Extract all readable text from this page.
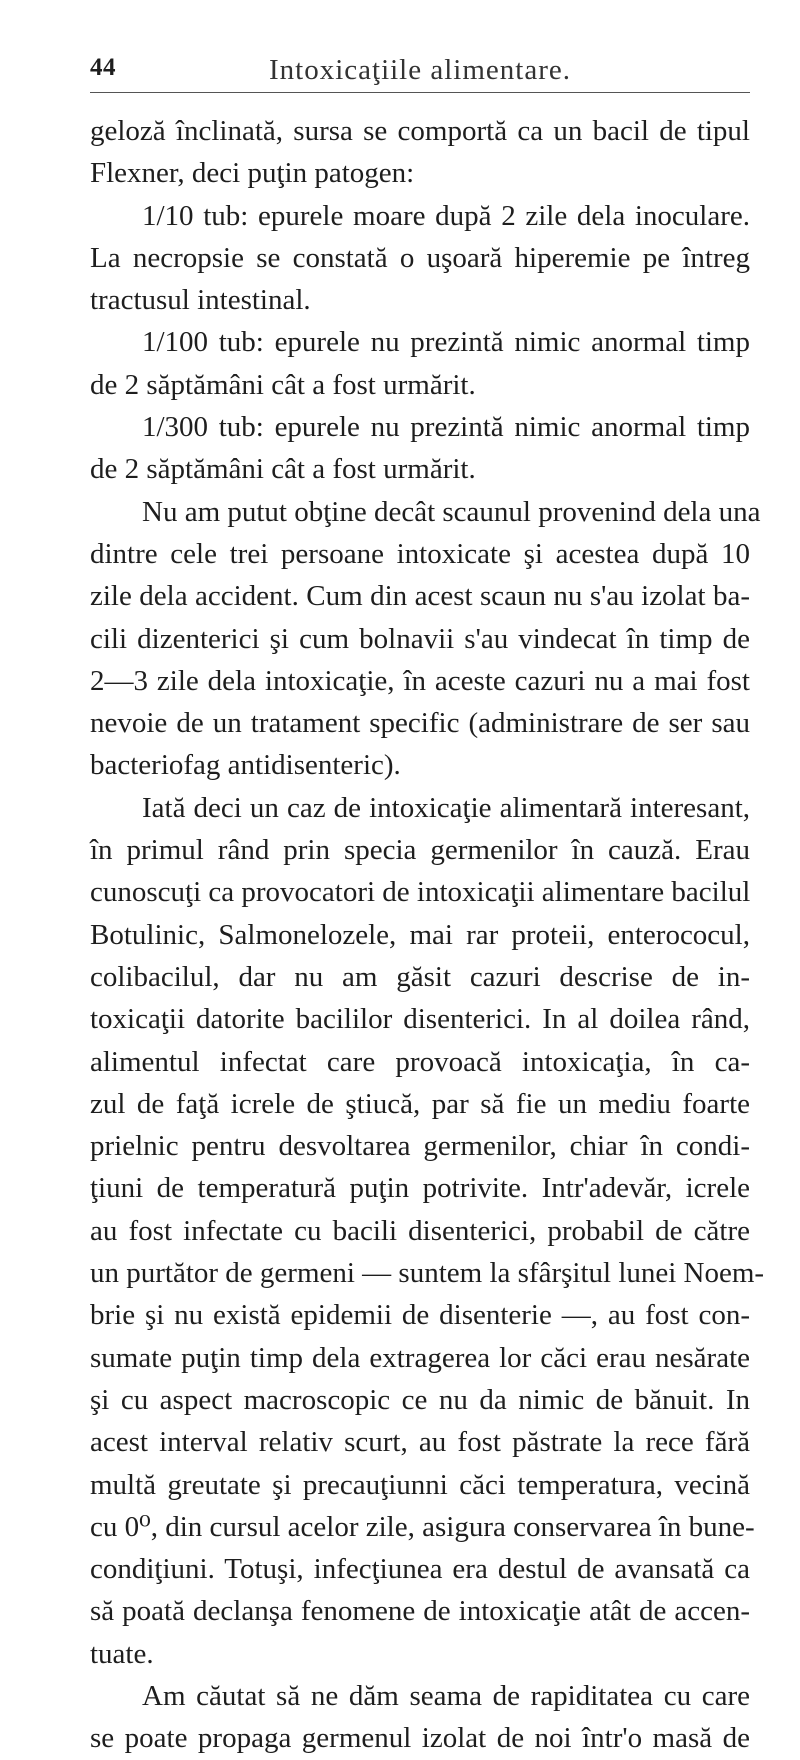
44	Intoxicaţiile alimentare.
geloză înclinată, sursa se comportă ca un bacil de tipul
Flexner, deci puţin patogen:
1/10 tub: epurele moare după 2 zile dela inoculare.
La necropsie se constată o uşoară hiperemie pe întreg
tractusul intestinal.
1/100 tub: epurele nu prezintă nimic anormal timp
de 2 săptămâni cât a fost urmărit.
1/300 tub: epurele nu prezintă nimic anormal timp
de 2 săptămâni cât a fost urmărit.
Nu am putut obţine decât scaunul provenind dela una
dintre cele trei persoane intoxicate şi acestea după 10
zile dela accident. Cum din acest scaun nu s'au izolat ba-
cili dizenterici şi cum bolnavii s'au vindecat în timp de
2—3 zile dela intoxicaţie, în aceste cazuri nu a mai fost
nevoie de un tratament specific (administrare de ser sau
bacteriofag antidisenteric).
Iată deci un caz de intoxicaţie alimentară interesant,
în primul rând prin specia germenilor în cauză. Erau
cunoscuţi ca provocatori de intoxicaţii alimentare bacilul
Botulinic, Salmonelozele, mai rar proteii, enterococul,
colibacilul, dar nu am găsit cazuri descrise de in-
toxicaţii datorite bacililor disenterici. In al doilea rând,
alimentul infectat care provoacă intoxicaţia, în ca-
zul de faţă icrele de ştiucă, par să fie un mediu foarte
prielnic pentru desvoltarea germenilor, chiar în condi-
ţiuni de temperatură puţin potrivite. Intr'adevăr, icrele
au fost infectate cu bacili disenterici, probabil de către
un purtător de germeni — suntem la sfârşitul lunei Noem-
brie şi nu există epidemii de disenterie —, au fost con-
sumate puţin timp dela extragerea lor căci erau nesărate
şi cu aspect macroscopic ce nu da nimic de bănuit. In
acest interval relativ scurt, au fost păstrate la rece fără
multă greutate şi precauţiunni căci temperatura, vecină
cu 0⁰, din cursul acelor zile, asigura conservarea în bune-
condiţiuni. Totuşi, infecţiunea era destul de avansată ca
să poată declanşa fenomene de intoxicaţie atât de accen-
tuate.
Am căutat să ne dăm seama de rapiditatea cu care
se poate propaga germenul izolat de noi într'o masă de
